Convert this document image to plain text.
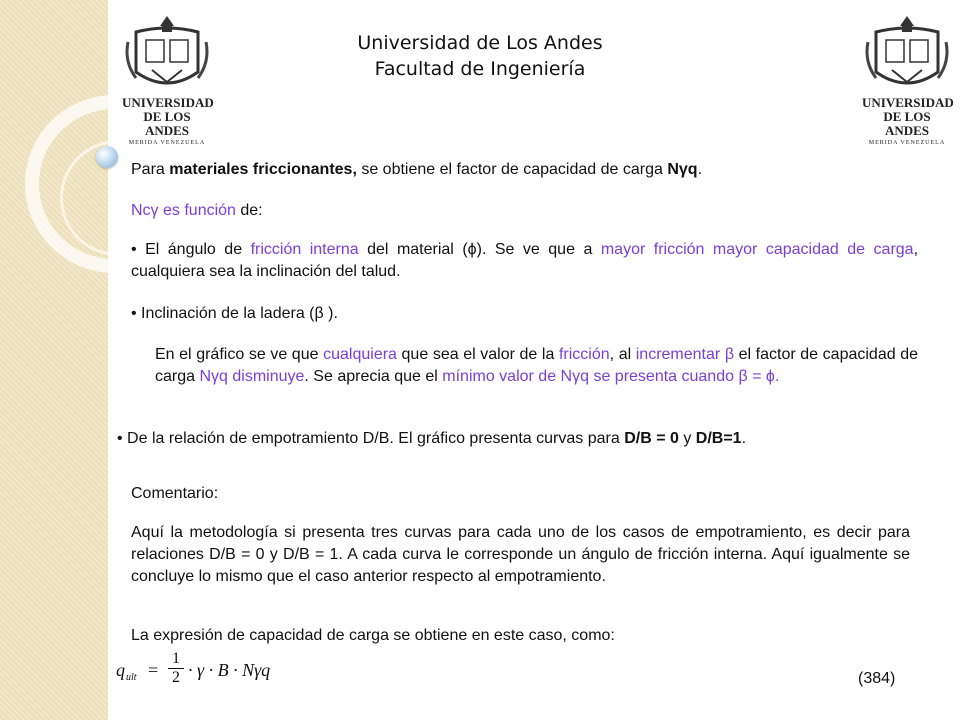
UNIVERSIDAD
DE LOS ANDES
MERIDA VENEZUELA
UNIVERSIDAD
DE LOS ANDES
MERIDA VENEZUELA
Universidad de Los Andes
Facultad de Ingeniería
Para materiales friccionantes, se obtiene el factor de capacidad de carga Nγq.
Ncγ es función de:
• El ángulo de fricción interna del material (ϕ). Se ve que a mayor fricción mayor capacidad de carga, cualquiera sea la inclinación del talud.
• Inclinación de la ladera (β ).
En el gráfico se ve que cualquiera que sea el valor de la fricción, al incrementar β el factor de capacidad de carga Nγq disminuye. Se aprecia que el mínimo valor de Nγq se presenta cuando β = ϕ.
• De la relación de empotramiento D/B. El gráfico presenta curvas para D/B = 0 y D/B=1.
Comentario:
Aquí la metodología si presenta tres curvas para cada uno de los casos de empotramiento, es decir para relaciones D/B = 0 y D/B = 1. A cada curva le corresponde un ángulo de fricción interna. Aquí igualmente se concluye lo mismo que el caso anterior respecto al empotramiento.
La expresión de capacidad de carga se obtiene en este caso, como:
q ult =
1
2 · γ · B · Nγq	(384)
